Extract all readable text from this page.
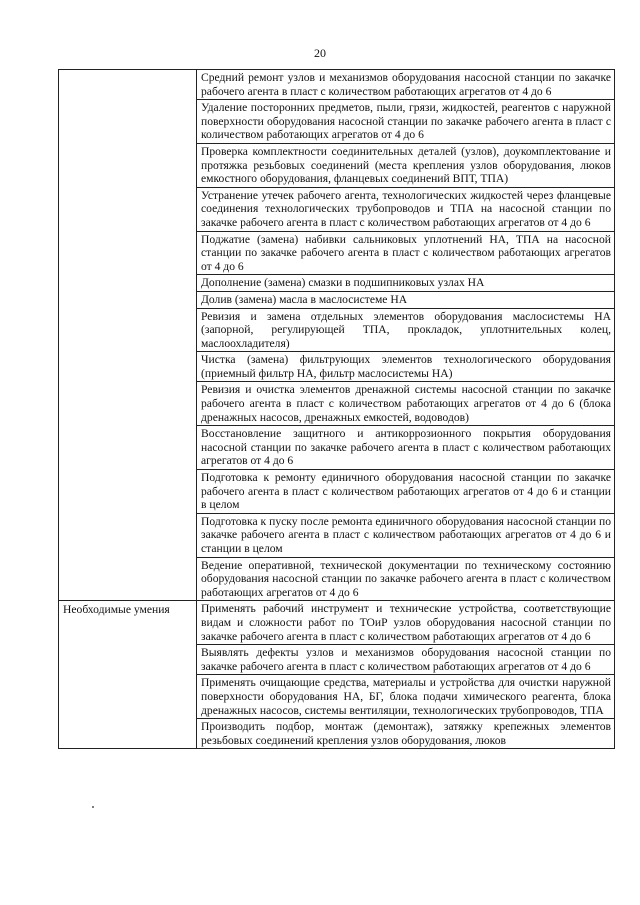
20
	Средний ремонт узлов и механизмов оборудования насосной станции по закачке рабочего агента в пласт с количеством работающих агрегатов от 4 до 6
	Удаление посторонних предметов, пыли, грязи, жидкостей, реагентов с наружной поверхности оборудования насосной станции по закачке рабочего агента в пласт с количеством работающих агрегатов от 4 до 6
	Проверка комплектности соединительных деталей (узлов), доукомплектование и протяжка резьбовых соединений (места крепления узлов оборудования, люков емкостного оборудования, фланцевых соединений ВПТ, ТПА)
	Устранение утечек рабочего агента, технологических жидкостей через фланцевые соединения технологических трубопроводов и ТПА на насосной станции по закачке рабочего агента в пласт с количеством работающих агрегатов от 4 до 6
	Поджатие (замена) набивки сальниковых уплотнений НА, ТПА на насосной станции по закачке рабочего агента в пласт с количеством работающих агрегатов от 4 до 6
	Дополнение (замена) смазки в подшипниковых узлах НА
	Долив (замена) масла в маслосистеме НА
	Ревизия и замена отдельных элементов оборудования маслосистемы НА (запорной, регулирующей ТПА, прокладок, уплотнительных колец, маслоохладителя)
	Чистка (замена) фильтрующих элементов технологического оборудования (приемный фильтр НА, фильтр маслосистемы НА)
	Ревизия и очистка элементов дренажной системы насосной станции по закачке рабочего агента в пласт с количеством работающих агрегатов от 4 до 6 (блока дренажных насосов, дренажных емкостей, водоводов)
	Восстановление защитного и антикоррозионного покрытия оборудования насосной станции по закачке рабочего агента в пласт с количеством работающих агрегатов от 4 до 6
	Подготовка к ремонту единичного оборудования насосной станции по закачке рабочего агента в пласт с количеством работающих агрегатов от 4 до 6 и станции в целом
	Подготовка к пуску после ремонта единичного оборудования насосной станции по закачке рабочего агента в пласт с количеством работающих агрегатов от 4 до 6 и станции в целом
	Ведение оперативной, технической документации по техническому состоянию оборудования насосной станции по закачке рабочего агента в пласт с количеством работающих агрегатов от 4 до 6

Необходимые умения	Применять рабочий инструмент и технические устройства, соответствующие видам и сложности работ по ТОиР узлов оборудования насосной станции по закачке рабочего агента в пласт с количеством работающих агрегатов от 4 до 6
	Выявлять дефекты узлов и механизмов оборудования насосной станции по закачке рабочего агента в пласт с количеством работающих агрегатов от 4 до 6
	Применять очищающие средства, материалы и устройства для очистки наружной поверхности оборудования НА, БГ, блока подачи химического реагента, блока дренажных насосов, системы вентиляции, технологических трубопроводов, ТПА
	Производить подбор, монтаж (демонтаж), затяжку крепежных элементов резьбовых соединений крепления узлов оборудования, люков
